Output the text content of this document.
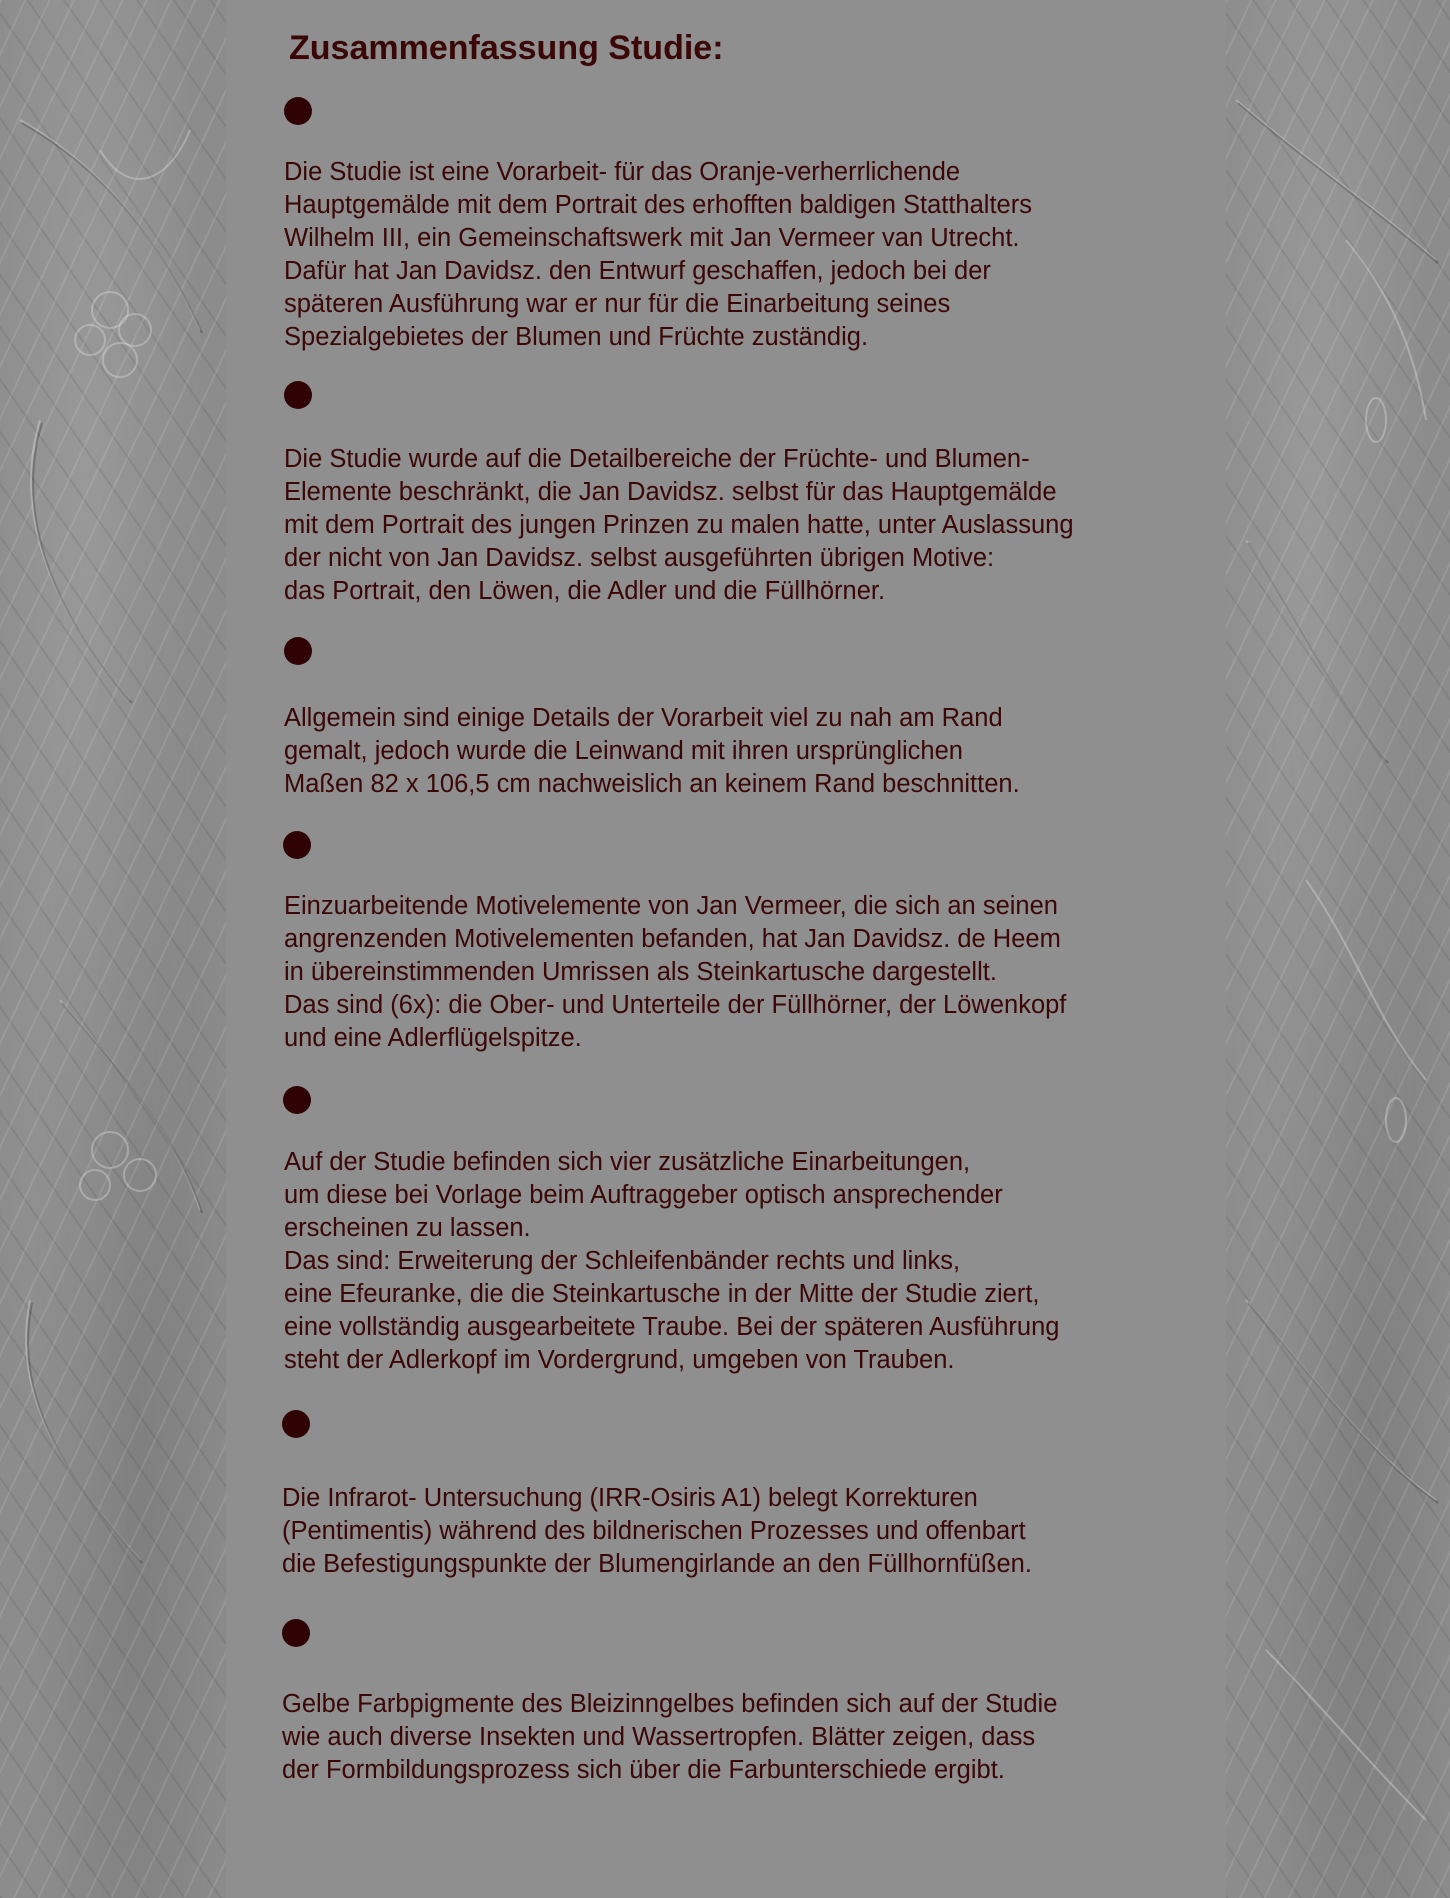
Zusammenfassung Studie:

Die Studie ist eine Vorarbeit- für das Oranje-verherrlichende
Hauptgemälde mit dem Portrait des erhofften baldigen Statthalters
Wilhelm III, ein Gemeinschaftswerk mit Jan Vermeer van Utrecht.
Dafür hat Jan Davidsz. den Entwurf geschaffen, jedoch bei der
späteren Ausführung war er nur für die Einarbeitung seines
Spezialgebietes der Blumen und Früchte zuständig.

Die Studie wurde auf die Detailbereiche der Früchte- und Blumen-
Elemente beschränkt, die Jan Davidsz. selbst für das Hauptgemälde
mit dem Portrait des jungen Prinzen zu malen hatte, unter Auslassung
der nicht von Jan Davidsz. selbst ausgeführten übrigen Motive:
das Portrait, den Löwen, die Adler und die Füllhörner.

Allgemein sind einige Details der Vorarbeit viel zu nah am Rand
gemalt, jedoch wurde die Leinwand mit ihren ursprünglichen
Maßen 82 x 106,5 cm nachweislich an keinem Rand beschnitten.

Einzuarbeitende Motivelemente von Jan Vermeer, die sich an seinen
angrenzenden Motivelementen befanden, hat Jan Davidsz. de Heem
in übereinstimmenden Umrissen als Steinkartusche dargestellt.
Das sind (6x): die Ober- und Unterteile der Füllhörner, der Löwenkopf
und eine Adlerflügelspitze.

Auf der Studie befinden sich vier zusätzliche Einarbeitungen,
um diese bei Vorlage beim Auftraggeber optisch ansprechender
erscheinen zu lassen.
Das sind: Erweiterung der Schleifenbänder rechts und links,
eine Efeuranke, die die Steinkartusche in der Mitte der Studie ziert,
eine vollständig ausgearbeitete Traube. Bei der späteren Ausführung
steht der Adlerkopf im Vordergrund, umgeben von Trauben.

Die Infrarot- Untersuchung (IRR-Osiris A1) belegt Korrekturen
(Pentimentis) während des bildnerischen Prozesses und offenbart
die Befestigungspunkte der Blumengirlande an den Füllhornfüßen.

Gelbe Farbpigmente des Bleizinngelbes befinden sich auf der Studie
wie auch diverse Insekten und Wassertropfen. Blätter zeigen, dass
der Formbildungsprozess sich über die Farbunterschiede ergibt.
